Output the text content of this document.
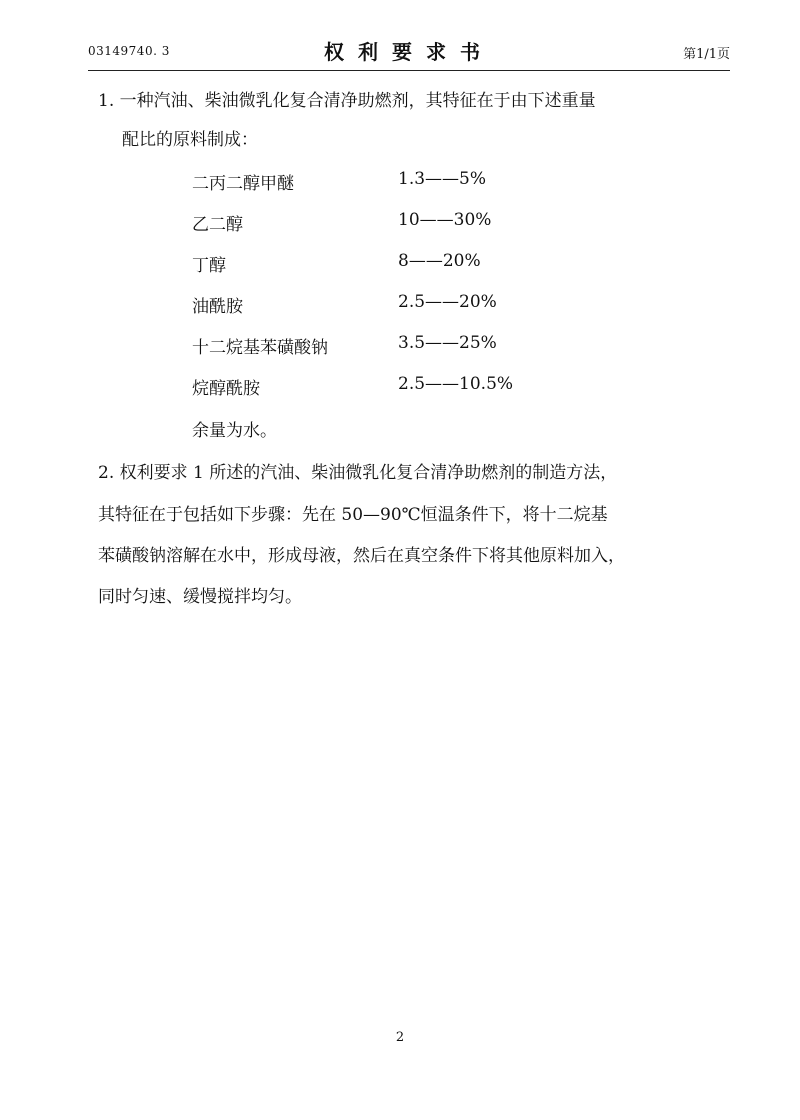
03149740. 3	权利要求书	第1/1页
1. 一种汽油、柴油微乳化复合清净助燃剂，其特征在于由下述重量
配比的原料制成：
二丙二醇甲醚	1.3——5%
乙二醇	10——30%
丁醇	8——20%
油酰胺	2.5——20%
十二烷基苯磺酸钠	3.5——25%
烷醇酰胺	2.5——10.5%
余量为水。
2. 权利要求 1 所述的汽油、柴油微乳化复合清净助燃剂的制造方法，
其特征在于包括如下步骤：先在 50—90℃恒温条件下，将十二烷基
苯磺酸钠溶解在水中，形成母液，然后在真空条件下将其他原料加入，
同时匀速、缓慢搅拌均匀。
2
